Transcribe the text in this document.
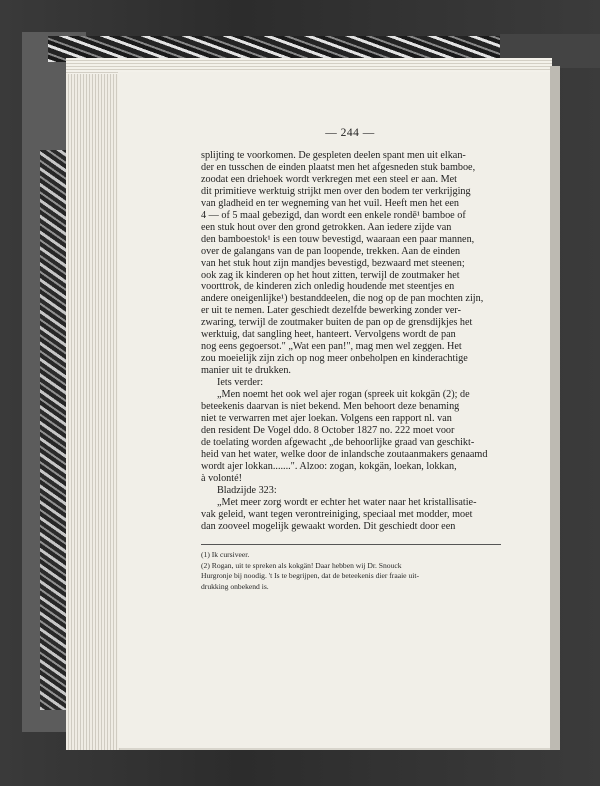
— 244 —

splijting te voorkomen. De gespleten deelen spant men uit elkan-

der en tusschen de einden plaatst men het afgesneden stuk bamboe,

zoodat een driehoek wordt verkregen met een steel er aan. Met

dit primitieve werktuig strijkt men over den bodem ter verkrijging

van gladheid en ter wegneming van het vuil. Heeft men het een

4 — of 5 maal gebezigd, dan wordt een enkele rondē¹ bamboe of

een stuk hout over den grond getrokken. Aan iedere zijde van

den bamboestok¹ is een touw bevestigd, waaraan een paar mannen,

over de galangans van de pan loopende, trekken. Aan de einden

van het stuk hout zijn mandjes bevestigd, bezwaard met steenen;

ook zag ik kinderen op het hout zitten, terwijl de zoutmaker het

voorttrok, de kinderen zich onledig houdende met steentjes en

andere oneigenlijke¹) bestanddeelen, die nog op de pan mochten zijn,

er uit te nemen. Later geschiedt dezelfde bewerking zonder ver-

zwaring, terwijl de zoutmaker buiten de pan op de grensdijkjes het

werktuig, dat sangling heet, hanteert. Vervolgens wordt de pan

nog eens gegoersot." „Wat een pan!", mag men wel zeggen. Het

zou moeielijk zijn zich op nog meer onbeholpen en kinderachtige

manier uit te drukken.

Iets verder:

„Men noemt het ook wel ajer rogan (spreek uit kokgän (2); de

beteekenis daarvan is niet bekend. Men behoort deze benaming

niet te verwarren met ajer loekan. Volgens een rapport nl. van

den resident De Vogel ddo. 8 October 1827 no. 222 moet voor

de toelating worden afgewacht „de behoorlijke graad van geschikt-

heid van het water, welke door de inlandsche zoutaanmakers genaamd

wordt ajer lokkan.......". Alzoo: zogan, kokgän, loekan, lokkan,

à volonté!

Bladzijde 323:

„Met meer zorg wordt er echter het water naar het kristallisatie-

vak geleid, want tegen verontreiniging, speciaal met modder, moet

dan zooveel mogelijk gewaakt worden. Dit geschiedt door een

(1) Ik cursiveer.

(2) Rogan, uit te spreken als kokgän! Daar hebben wij Dr. Snouck

Hurgronje bij noodig. 't Is te begrijpen, dat de beteekenis dier fraaie uit-

drukking onbekend is.
